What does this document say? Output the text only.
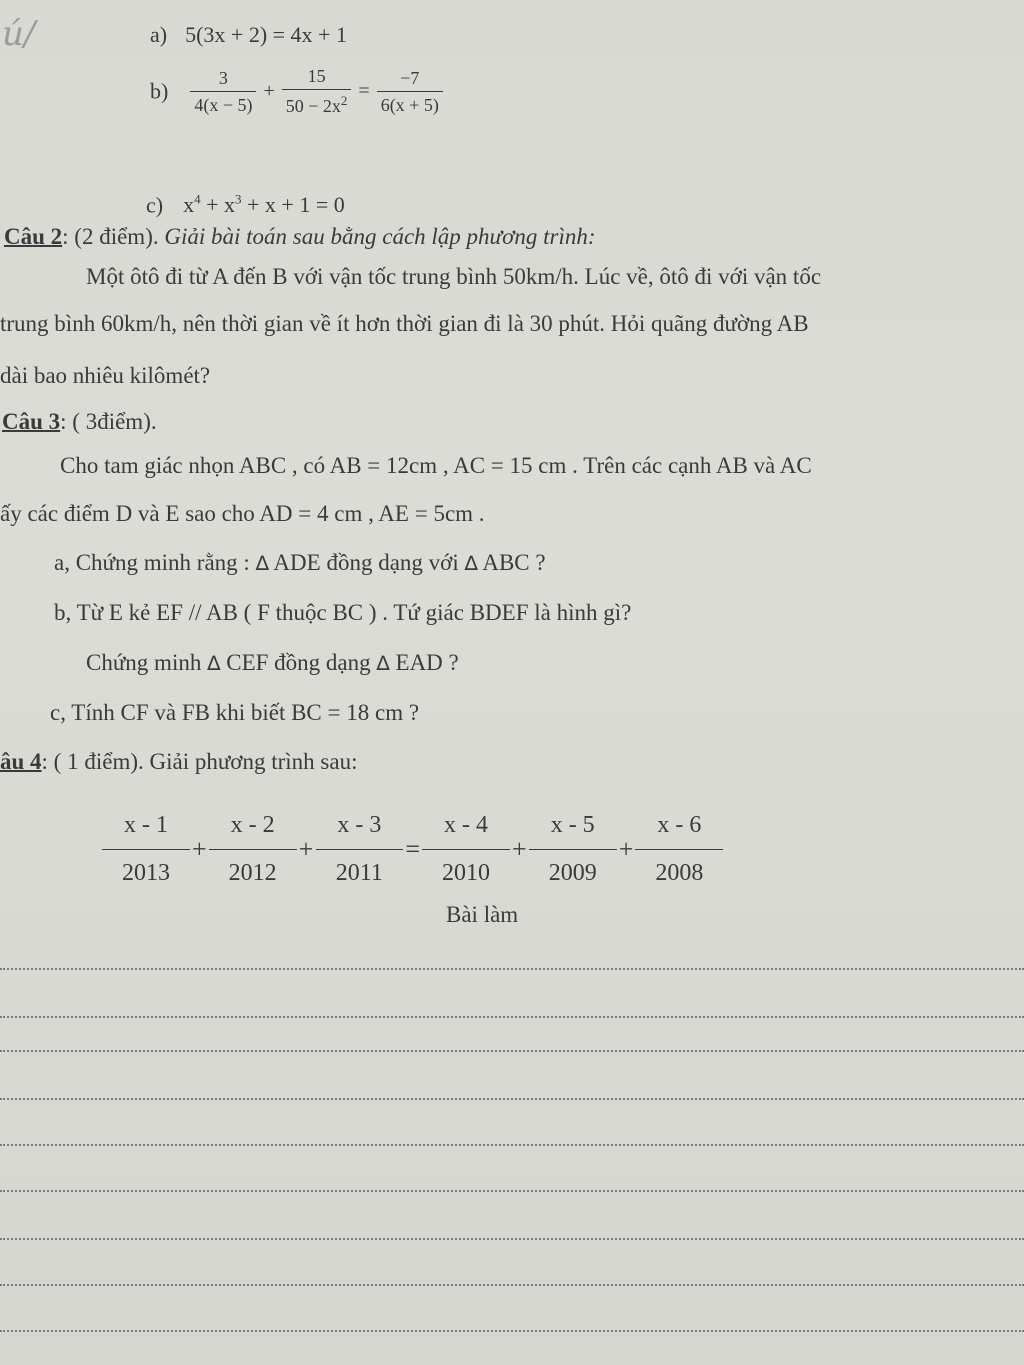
ú/	a) 5(3x + 2) = 4x + 1
$b) \frac{3}{4(x - 5)} + \frac{15}{50 - 2x^2} = \frac{-7}{6(x + 5)}$
c) $x^4 + x^3 + x + 1 = 0$
Câu 2: (2 điểm). Giải bài toán sau bằng cách lập phương trình:
Một ôtô đi từ A đến B với vận tốc trung bình 50km/h. Lúc về, ôtô đi với vận tốc
trung bình 60km/h, nên thời gian về ít hơn thời gian đi là 30 phút. Hỏi quãng đường AB
dài bao nhiêu kilômét?
Câu 3: ( 3điểm).
Cho tam giác nhọn ABC , có AB = 12cm , AC = 15 cm . Trên các cạnh AB và AC
ấy các điểm D và E sao cho AD = 4 cm , AE = 5cm .
a, Chứng minh rằng : ∆ ADE đồng dạng với ∆ ABC ?
b, Từ E kẻ EF // AB ( F thuộc BC ) . Tứ giác BDEF là hình gì?
Chứng minh ∆ CEF đồng dạng ∆ EAD ?
c, Tính CF và FB khi biết BC = 18 cm ?
âu 4: ( 1 điểm). Giải phương trình sau:
$\frac{x - 1}{2013} + \frac{x - 2}{2012} + \frac{x - 3}{2011} = \frac{x - 4}{2010} + \frac{x - 5}{2009} + \frac{x - 6}{2008}$
Bài làm
